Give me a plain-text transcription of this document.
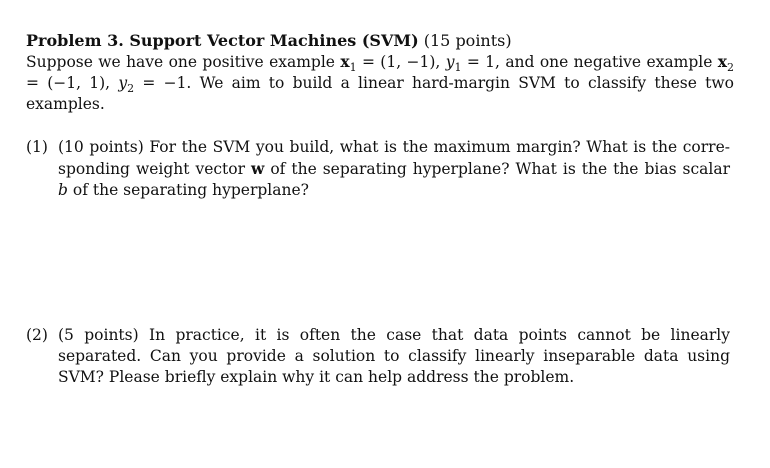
Problem 3. Support Vector Machines (SVM) (15 points)

Suppose we have one positive example $x_1 = (1$, −1), $y_1 = 1$, and one negative example $x_2 = (-1$, 1), $y_2 = -1$. We aim to build a linear hard-margin SVM to classify these two examples.

(1) (10 points) For the SVM you build, what is the maximum margin? What is the corre-sponding weight vector w of the separating hyperplane? What is the the bias scalar b of the separating hyperplane?
(2) (5 points) In practice, it is often the case that data points cannot be linearly separated. Can you provide a solution to classify linearly inseparable data using SVM? Please briefly explain why it can help address the problem.
